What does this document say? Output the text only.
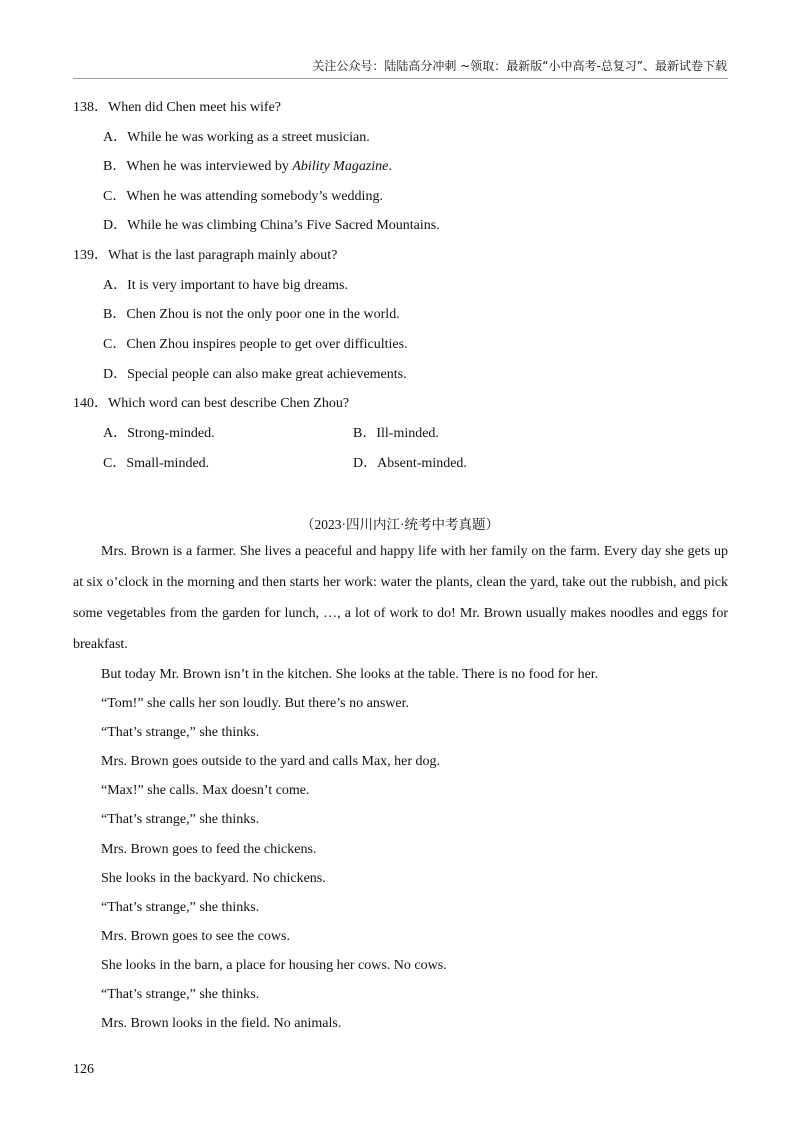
关注公众号：陆陆高分冲刺 ~领取：最新版“小中高考-总复习”、最新试卷下载
138．When did Chen meet his wife?
A．While he was working as a street musician.
B．When he was interviewed by Ability Magazine.
C．When he was attending somebody’s wedding.
D．While he was climbing China’s Five Sacred Mountains.
139．What is the last paragraph mainly about?
A．It is very important to have big dreams.
B．Chen Zhou is not the only poor one in the world.
C．Chen Zhou inspires people to get over difficulties.
D．Special people can also make great achievements.
140．Which word can best describe Chen Zhou?
A．Strong-minded.	B．Ill-minded.
C．Small-minded.	D．Absent-minded.
（2023·四川内江·统考中考真题）

Mrs. Brown is a farmer. She lives a peaceful and happy life with her family on the farm. Every day she gets up at six o’clock in the morning and then starts her work: water the plants, clean the yard, take out the rubbish, and pick some vegetables from the garden for lunch, …, a lot of work to do! Mr. Brown usually makes noodles and eggs for breakfast.

But today Mr. Brown isn’t in the kitchen. She looks at the table. There is no food for her.
“Tom!” she calls her son loudly. But there’s no answer.
“That’s strange,” she thinks.
Mrs. Brown goes outside to the yard and calls Max, her dog.
“Max!” she calls. Max doesn’t come.
“That’s strange,” she thinks.
Mrs. Brown goes to feed the chickens.
She looks in the backyard. No chickens.
“That’s strange,” she thinks.
Mrs. Brown goes to see the cows.
She looks in the barn, a place for housing her cows. No cows.
“That’s strange,” she thinks.
Mrs. Brown looks in the field. No animals.
126
